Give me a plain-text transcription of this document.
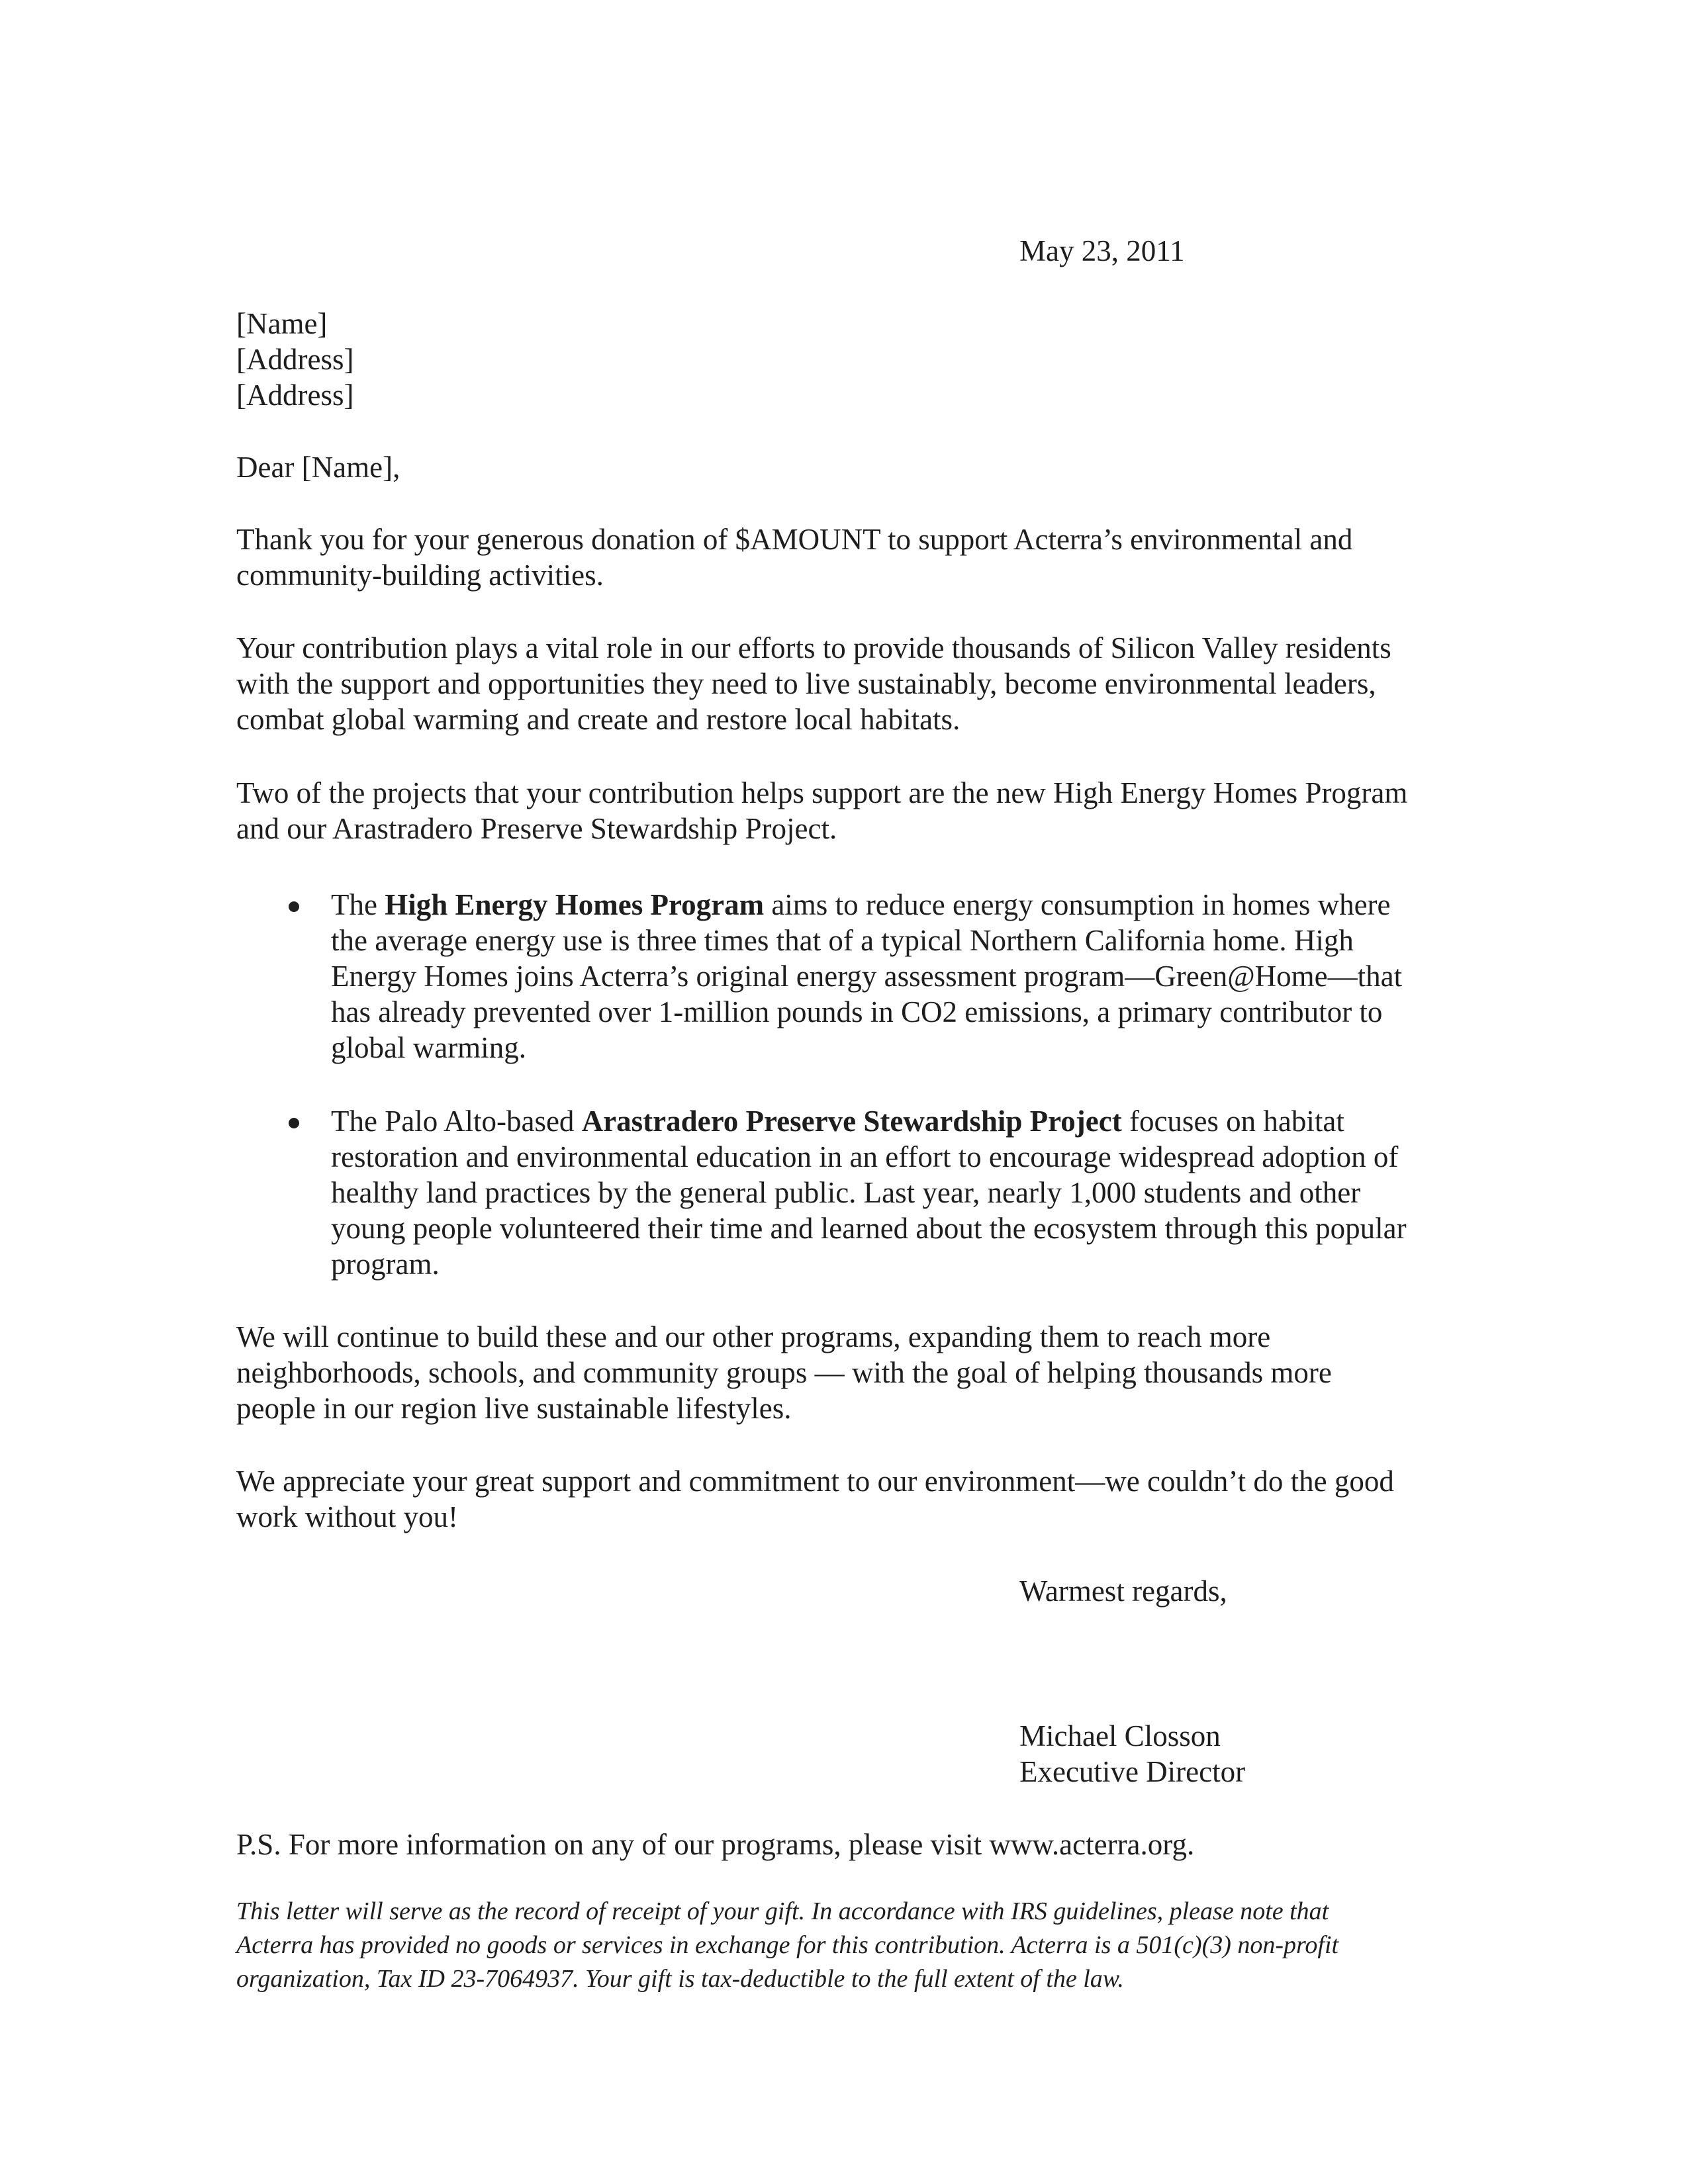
May 23, 2011
[Name]
[Address]
[Address]
Dear [Name],
Thank you for your generous donation of $AMOUNT to support Acterra’s environmental and
community-building activities.
Your contribution plays a vital role in our efforts to provide thousands of Silicon Valley residents
with the support and opportunities they need to live sustainably, become environmental leaders,
combat global warming and create and restore local habitats.
Two of the projects that your contribution helps support are the new High Energy Homes Program
and our Arastradero Preserve Stewardship Project.
The High Energy Homes Program aims to reduce energy consumption in homes where
the average energy use is three times that of a typical Northern California home. High
Energy Homes joins Acterra’s original energy assessment program—Green@Home—that
has already prevented over 1-million pounds in CO2 emissions, a primary contributor to
global warming.
The Palo Alto-based Arastradero Preserve Stewardship Project focuses on habitat
restoration and environmental education in an effort to encourage widespread adoption of
healthy land practices by the general public. Last year, nearly 1,000 students and other
young people volunteered their time and learned about the ecosystem through this popular
program.
We will continue to build these and our other programs, expanding them to reach more
neighborhoods, schools, and community groups — with the goal of helping thousands more
people in our region live sustainable lifestyles.
We appreciate your great support and commitment to our environment—we couldn’t do the good
work without you!
Warmest regards,
Michael Closson
Executive Director
P.S. For more information on any of our programs, please visit www.acterra.org.
This letter will serve as the record of receipt of your gift. In accordance with IRS guidelines, please note that
Acterra has provided no goods or services in exchange for this contribution. Acterra is a 501(c)(3) non-profit
organization, Tax ID 23-7064937. Your gift is tax-deductible to the full extent of the law.
